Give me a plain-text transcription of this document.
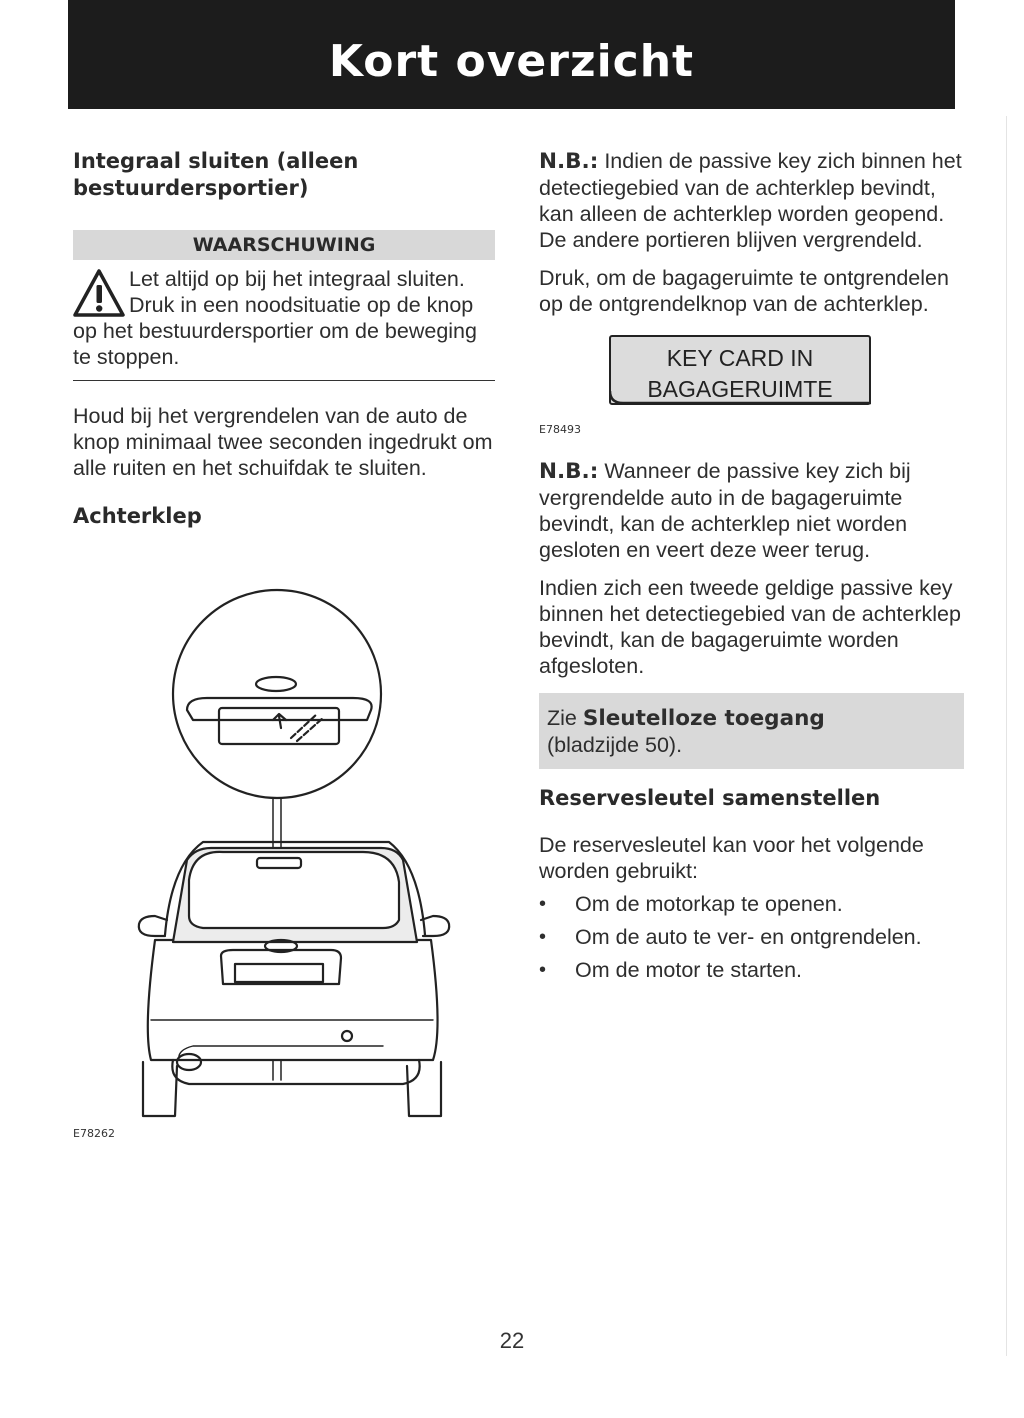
Kort overzicht

Integraal sluiten (alleen bestuurdersportier)

WAARSCHUWING

Let altijd op bij het integraal sluiten. Druk in een noodsituatie op de knop op het bestuurdersportier om de beweging te stoppen.

Houd bij het vergrendelen van de auto de knop minimaal twee seconden ingedrukt om alle ruiten en het schuifdak te sluiten.

Achterklep

E78262

N.B.: Indien de passive key zich binnen het detectiegebied van de achterklep bevindt, kan alleen de achterklep worden geopend. De andere portieren blijven vergrendeld.

Druk, om de bagageruimte te ontgrendelen op de ontgrendelknop van de achterklep.

KEY CARD IN
BAGAGERUIMTE
E78493

N.B.: Wanneer de passive key zich bij vergrendelde auto in de bagageruimte bevindt, kan de achterklep niet worden gesloten en veert deze weer terug.

Indien zich een tweede geldige passive key binnen het detectiegebied van de achterklep bevindt, kan de bagageruimte worden afgesloten.

Zie Sleutelloze toegang
(bladzijde 50).

Reservesleutel samenstellen

De reservesleutel kan voor het volgende worden gebruikt:

• Om de motorkap te openen.
• Om de auto te ver- en ontgrendelen.
• Om de motor te starten.
22
